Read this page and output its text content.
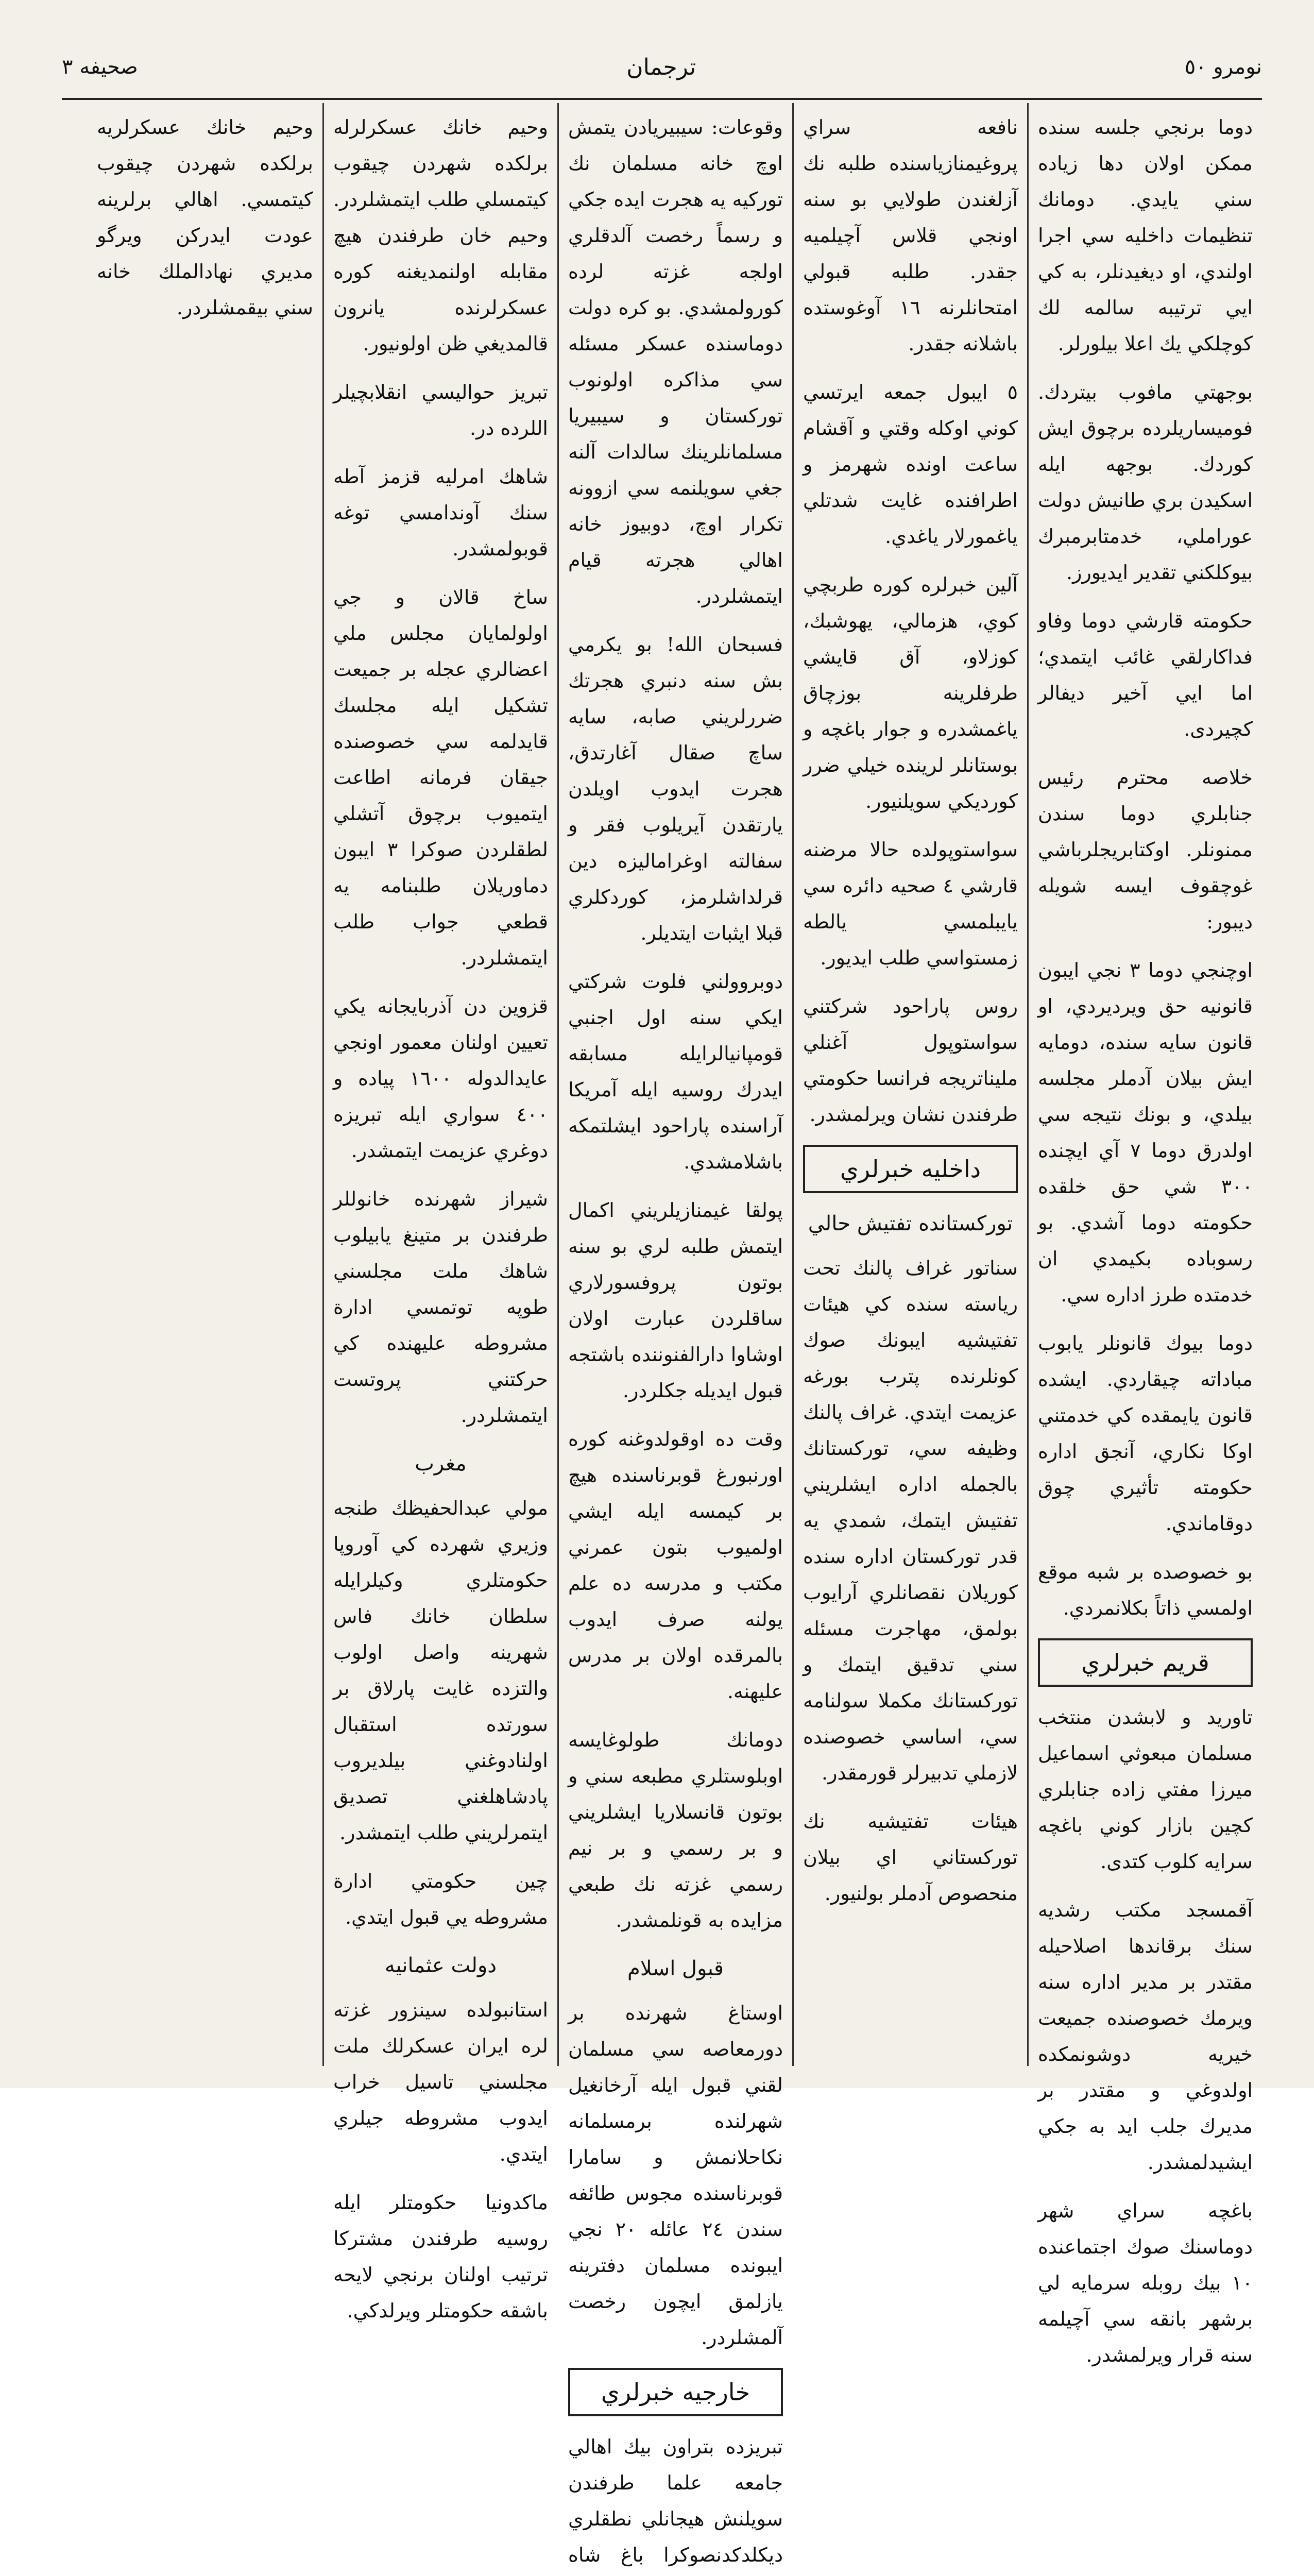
نومرو ٥٠
ترجمان
صحيفه ٣

دوما برنجي جلسه سنده ممكن اولان دها زياده سني يايدي. دومانك تنظيمات داخليه سي اجرا اولندي، او ديغيدنلر، به كي ايي ترتيبه سالمه لك كوچلكي يك اعلا بيلورلر.

بوجهتي مافوب بيتردك. فوميساريلرده برچوق ايش كوردك. بوجهه ايله اسكيدن بري طانيش دولت عوراملي، خدمتابرمبرك بيوكلكني تقدير ايديورز.

حكومته قارشي دوما وفاو فداكارلقي غائب ايتمدي؛ اما ايي آخير ديفالر كچيردى.

خلاصه محترم رئيس جنابلري دوما سندن ممنونلر. اوكتابريجلرباشي غوچقوف ايسه شويله ديبور:

اوچنجي دوما ٣ نجي ايبون قانونيه حق ويرديردي، او قانون سايه سنده، دومايه ايش بيلان آدملر مجلسه بيلدي، و بونك نتيجه سي اولدرق دوما ٧ آي ايچنده ٣٠٠ شي حق خلقده حكومته دوما آشدي. بو رسوباده بكيمدي ان خدمتده طرز اداره سي.

دوما بيوك قانونلر يابوب مباداته چيقاردي. ايشده قانون يايمقده كي خدمتني اوكا نكاري، آنجق اداره حكومته تأثيري چوق دوقاماندي.

بو خصوصده بر شبه موقع اولمسي ذاتاً بكلانمردي.

قريم خبرلري

تاوريد و لابشدن منتخب مسلمان مبعوثي اسماعيل ميرزا مفتي زاده جنابلري كچين بازار كوني باغچه سرايه كلوب كتدى.

آقمسجد مكتب رشديه سنك برقاندها اصلاحيله مقتدر بر مدير اداره سنه ويرمك خصوصنده جميعت خيريه دوشونمكده اولدوغي و مقتدر بر مديرك جلب ايد به جكي ايشيدلمشدر.

باغچه سراي شهر دوماسنك صوك اجتماعنده ١٠ بيك روبله سرمايه لي برشهر بانقه سي آچيلمه سنه قرار ويرلمشدر.

نافعه سراي پروغيمنازياسنده طلبه نك آزلغندن طولايي بو سنه اونجي قلاس آچيلميه جقدر. طلبه قبولي امتحانلرنه ١٦ آوغوستده باشلانه جقدر.

٥ ايبول جمعه ايرتسي كوني اوكله وقتي و آقشام ساعت اونده شهرمز و اطرافنده غايت شدتلي ياغمورلار ياغدي.

آلين خبرلره كوره طربچي كوي، هزمالي، يهوشبك، كوزلاو، آق قايشي طرفلرينه بوزچاق ياغمشدره و جوار باغچه و بوستانلر لرينده خيلي ضرر كورديكي سويلنيور.

سواستوپولده حالا مرضنه قارشي ٤ صحيه دائره سي يايبلمسي يالطه زمستواسي طلب ايديور.

روس پاراحود شركتني سواستوپول آغنلي مليناتريجه فرانسا حكومتي طرفندن نشان ويرلمشدر.

داخليه خبرلري
توركستانده تفتيش حالي

سناتور غراف پالنك تحت رياسته سنده كي هيئات تفتيشيه ايبونك صوك كونلرنده پترب بورغه عزيمت ايتدي. غراف پالنك وظيفه سي، توركستانك بالجمله اداره ايشلريني تفتيش ايتمك، شمدي يه قدر توركستان اداره سنده كوريلان نقصانلري آرايوب بولمق، مهاجرت مسئله سني تدقيق ايتمك و توركستانك مكملا سولنامه سي، اساسي خصوصنده لازملي تدبيرلر قورمقدر.

هيئات تفتيشيه نك توركستاني اي بيلان منحصوص آدملر بولنيور.

وقوعات: سيبيريادن يتمش اوچ خانه مسلمان نك توركيه يه هجرت ايده جكي و رسماً رخصت آلدقلري اولجه غزته لرده كورولمشدي. بو كره دولت دوماسنده عسكر مسئله سي مذاكره اولونوب توركستان و سيبيريا مسلمانلرينك سالدات آلنه جغي سويلنمه سي ازوونه تكرار اوچ، دوبيوز خانه اهالي هجرته قيام ايتمشلردر.

فسبحان الله! بو يكرمي بش سنه دنبري هجرتك ضررلريني صابه، سايه ساچ صقال آغارتدق، هجرت ايدوب اويلدن يارتقدن آيريلوب فقر و سفالته اوغراماليزه دين قرلداشلرمز، كوردكلري قبلا ايثبات ايتديلر.

دوبروولني فلوت شركتي ايكي سنه اول اجنبي قومپانيالرايله مسابقه ايدرك روسيه ايله آمريكا آراسنده پاراحود ايشلتمكه باشلامشدي.

پولقا غيمنازيلريني اكمال ايتمش طلبه لري بو سنه بوتون پروفسورلاري ساقلردن عبارت اولان اوشاوا دارالفنوننده باشتجه قبول ايديله جكلردر.

وقت ده اوقولدوغنه كوره اورنبورغ قوبرناسنده هيچ بر كيمسه ايله ايشي اولميوب بتون عمرني مكتب و مدرسه ده علم يولنه صرف ايدوب بالمرقده اولان بر مدرس عليهنه.

دومانك طولوغايسه اوبلوستلري مطبعه سني و بوتون قانسلاريا ايشلريني و بر رسمي و بر نيم رسمي غزته نك طبعي مزايده به قونلمشدر.

قبول اسلام

اوستاغ شهرنده بر دورمعاصه سي مسلمان لقني قبول ايله آرخانغيل شهرلنده برمسلمانه نكاحلانمش و سامارا قوبرناسنده مجوس طائفه سندن ٢٤ عائله ٢٠ نجي ايبونده مسلمان دفترينه يازلمق ايچون رخصت آلمشلردر.

خارجيه خبرلري

تبريزده بتراون بيك اهالي جامعه علما طرفندن سويلنش هيجانلي نطقلري ديكلدكدنصوكرا باغ شاه

وحيم خانك عسكرلرله برلكده شهردن چيقوب كيتمسلي طلب ايتمشلردر. وحيم خان طرفندن هيچ مقابله اولنمديغنه كوره عسكرلرنده يانرون قالمديغي ظن اولونيور.

تبريز حواليسي انقلابچيلر اللرده در.

شاهك امرليه قزمز آطه سنك آوندامسي توغه قوبولمشدر.

ساخ قالان و جي اولولمايان مجلس ملي اعضالري عجله بر جميعت تشكيل ايله مجلسك قايدلمه سي خصوصنده جيقان فرمانه اطاعت ايتميوب برچوق آتشلي لطقلردن صوكرا ٣ ايبون دماوريلان طلبنامه يه قطعي جواب طلب ايتمشلردر.

قزوين دن آذربايجانه يكي تعيين اولنان معمور اونجي عايدالدوله ١٦٠٠ پياده و ٤٠٠ سواري ايله تبريزه دوغري عزيمت ايتمشدر.

شيراز شهرنده خانوللر طرفندن بر متينغ يابيلوب شاهك ملت مجلسني طوپه توتمسي ادارة مشروطه عليهنده كي حركتني پروتست ايتمشلردر.

مغرب

مولي عبدالحفيظك طنجه وزيري شهرده كي آوروپا حكومتلري وكيلرايله سلطان خانك فاس شهرينه واصل اولوب والتزده غايت پارلاق بر سورتده استقبال اولنادوغني بيلديروب پادشاهلغني تصديق ايتمرلريني طلب ايتمشدر.

چين حكومتي ادارة مشروطه يي قبول ايتدي.

دولت عثمانيه

استانبولده سينزور غزته لره ايران عسكرلك ملت مجلسني تاسيل خراب ايدوب مشروطه جيلري ايتدي.

ماكدونيا حكومتلر ايله روسيه طرفندن مشتركا ترتيب اولنان برنجي لايحه باشقه حكومتلر ويرلدكي.

وحيم خانك عسكرلريه برلكده شهردن چيقوب كيتمسي. اهالي برلرينه عودت ايدركن ويرگو مديري نهادالملك خانه سني بيقمشلردر.
